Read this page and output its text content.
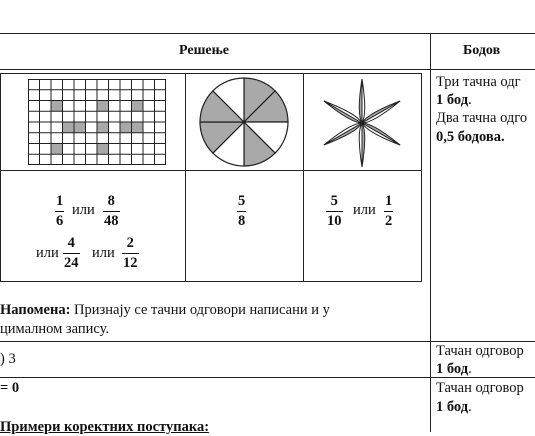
Решење	Бодов
1
6
или
8
48
или
4
24
или
2
12
5
8
5
10
или
1
2
Напомена: Признају се тачни одговори написани и у
цималном запису.
Три тачна одг
1 бод.
Два тачна одго
0,5 бодова.
Тачан одговор
1 бод.
Тачан одговор
1 бод.
) 3
= 0
Примери коректних поступака:
